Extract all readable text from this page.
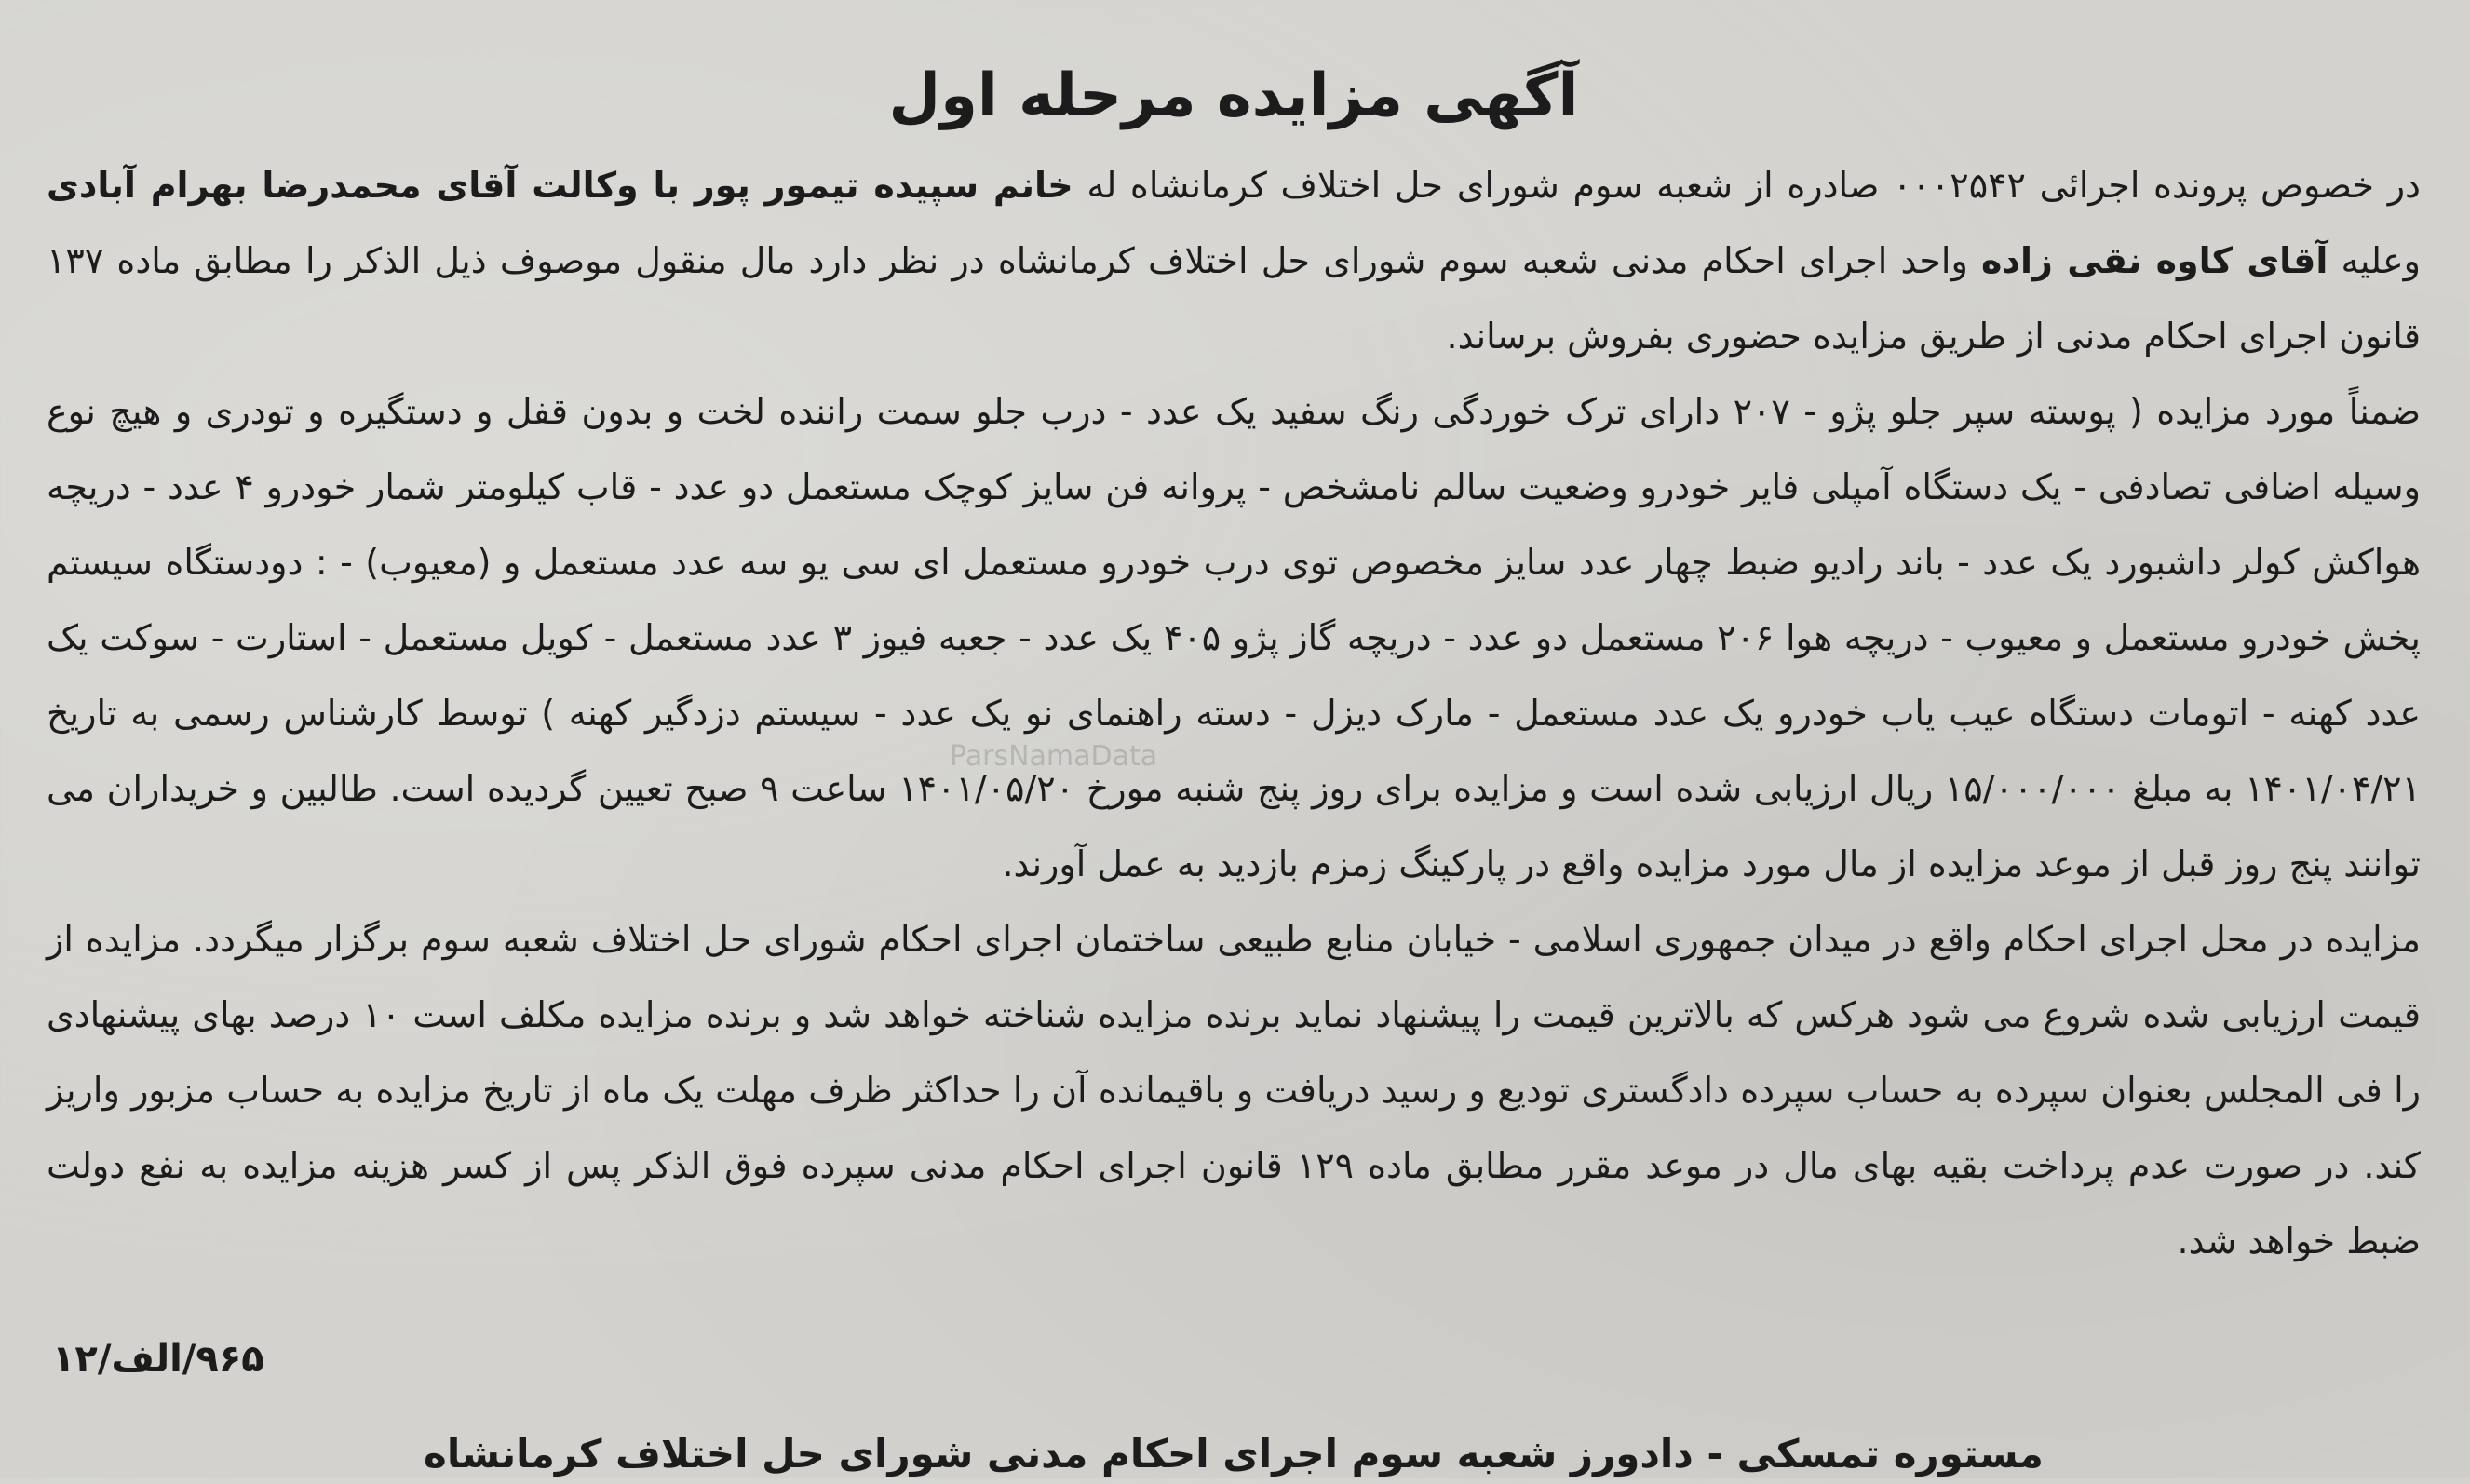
آگهی مزایده مرحله اول

در خصوص پرونده اجرائی ۰۰۰۲۵۴۲ صادره از شعبه سوم شورای حل اختلاف کرمانشاه له خانم سپیده تیمور پور با وکالت آقای محمدرضا بهرام آبادی وعلیه آقای کاوه نقی زاده واحد اجرای احکام مدنی شعبه سوم شورای حل اختلاف کرمانشاه در نظر دارد مال منقول موصوف ذیل الذکر را مطابق ماده ۱۳۷ قانون اجرای احکام مدنی از طریق مزایده حضوری بفروش برساند.

ضمناً مورد مزایده ( پوسته سپر جلو پژو - ۲۰۷ دارای ترک خوردگی رنگ سفید یک عدد - درب جلو سمت راننده لخت و بدون قفل و دستگیره و تودری و هیچ نوع وسیله اضافی تصادفی - یک دستگاه آمپلی فایر خودرو وضعیت سالم نامشخص - پروانه فن سایز کوچک مستعمل دو عدد - قاب کیلومتر شمار خودرو ۴ عدد - دریچه هواکش کولر داشبورد یک عدد - باند رادیو ضبط چهار عدد سایز مخصوص توی درب خودرو مستعمل ای سی یو سه عدد مستعمل و (معیوب) - : دودستگاه سیستم پخش خودرو مستعمل و معیوب - دریچه هوا ۲۰۶ مستعمل دو عدد - دریچه گاز پژو ۴۰۵ یک عدد - جعبه فیوز ۳ عدد مستعمل - کویل مستعمل - استارت - سوکت یک عدد کهنه - اتومات دستگاه عیب یاب خودرو یک عدد مستعمل - مارک دیزل - دسته راهنمای نو یک عدد - سیستم دزدگیر کهنه ) توسط کارشناس رسمی به تاریخ ۱۴۰۱/۰۴/۲۱ به مبلغ ۱۵/۰۰۰/۰۰۰ ریال ارزیابی شده است و مزایده برای روز پنج شنبه مورخ ۱۴۰۱/۰۵/۲۰ ساعت ۹ صبح تعیین گردیده است. طالبین و خریداران می توانند پنج روز قبل از موعد مزایده از مال مورد مزایده واقع در پارکینگ زمزم بازدید به عمل آورند.

مزایده در محل اجرای احکام واقع در میدان جمهوری اسلامی - خیابان منابع طبیعی ساختمان اجرای احکام شورای حل اختلاف شعبه سوم برگزار میگردد. مزایده از قیمت ارزیابی شده شروع می شود هرکس که بالاترین قیمت را پیشنهاد نماید برنده مزایده شناخته خواهد شد و برنده مزایده مکلف است ۱۰ درصد بهای پیشنهادی را فی المجلس بعنوان سپرده به حساب سپرده دادگستری تودیع و رسید دریافت و باقیمانده آن را حداکثر ظرف مهلت یک ماه از تاریخ مزایده به حساب مزبور واریز کند. در صورت عدم پرداخت بقیه بهای مال در موعد مقرر مطابق ماده ۱۲۹ قانون اجرای احکام مدنی سپرده فوق الذکر پس از کسر هزینه مزایده به نفع دولت ضبط خواهد شد.

۹۶۵/الف/۱۲
مستوره تمسکی - دادورز شعبه سوم اجرای احکام مدنی شورای حل اختلاف کرمانشاه
ParsNamaData
